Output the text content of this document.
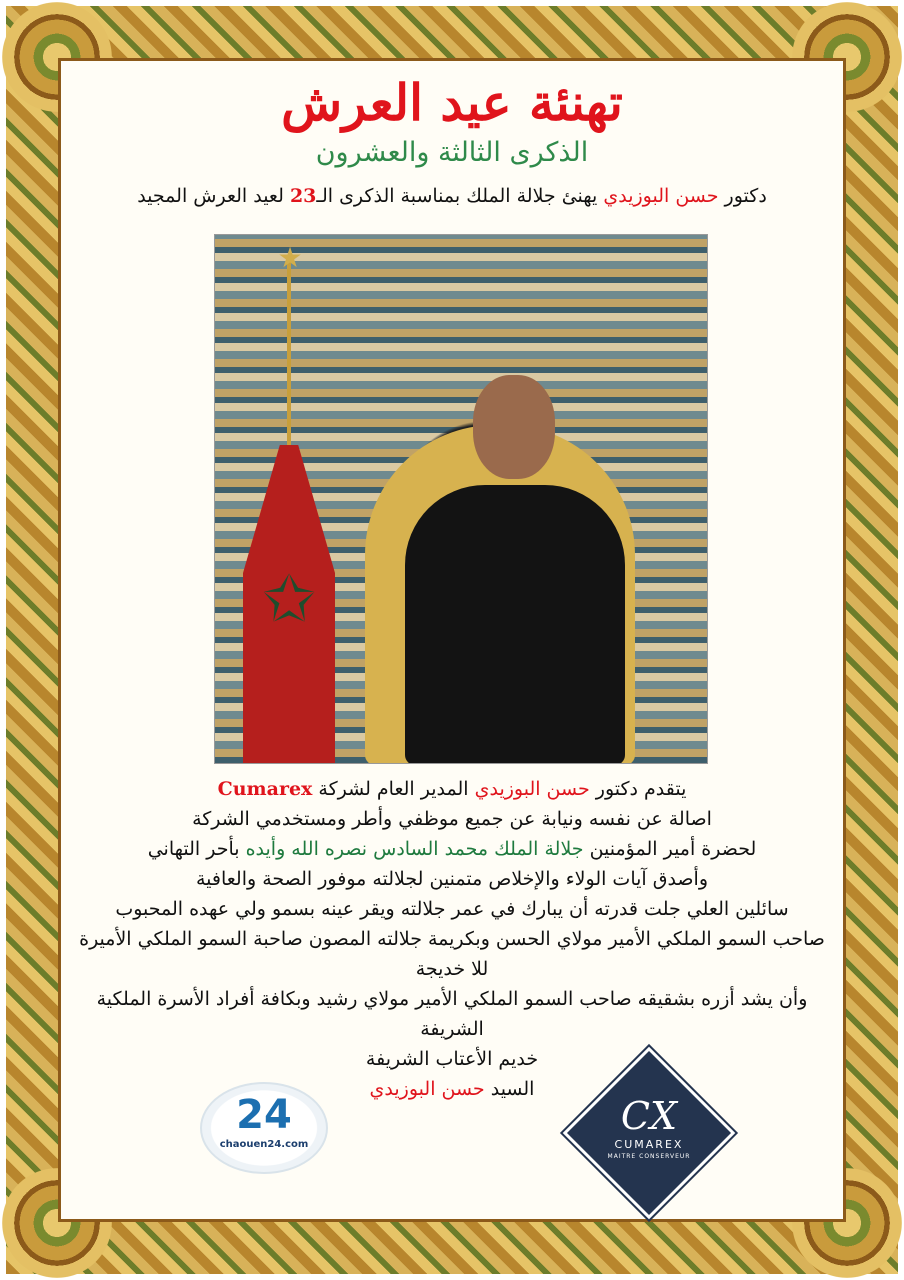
تهنئة عيد العرش
الذكرى الثالثة والعشرون
دكتور حسن البوزيدي يهنئ جلالة الملك بمناسبة الذكرى الـ23 لعيد العرش المجيد
★
✩

يتقدم دكتور حسن البوزيدي المدير العام لشركة Cumarex

اصالة عن نفسه ونيابة عن جميع موظفي وأطر ومستخدمي الشركة

لحضرة أمير المؤمنين جلالة الملك محمد السادس نصره الله وأيده بأحر التهاني

وأصدق آيات الولاء والإخلاص متمنين لجلالته موفور الصحة والعافية

سائلين العلي جلت قدرته أن يبارك في عمر جلالته ويقر عينه بسمو ولي عهده المحبوب

صاحب السمو الملكي الأمير مولاي الحسن وبكريمة جلالته المصون صاحبة السمو الملكي الأميرة للا خديجة

وأن يشد أزره بشقيقه صاحب السمو الملكي الأمير مولاي رشيد وبكافة أفراد الأسرة الملكية الشريفة

خديم الأعتاب الشريفة

السيد حسن البوزيدي

24
chaouen24.com
CX
CUMAREX
MAITRE CONSERVEUR
